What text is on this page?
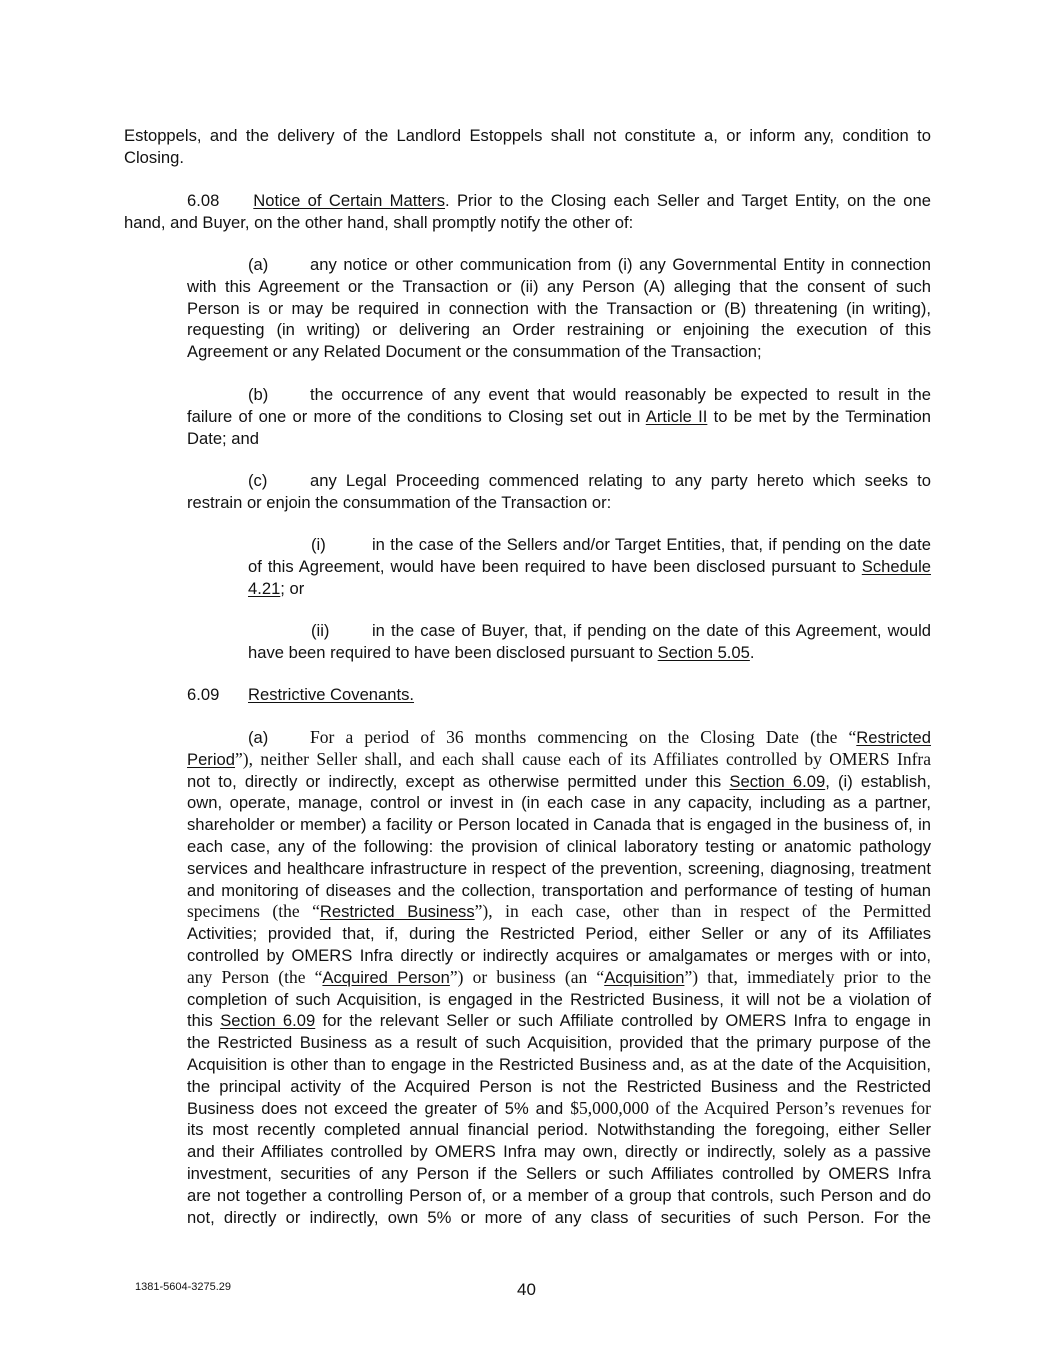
Estoppels, and the delivery of the Landlord Estoppels shall not constitute a, or inform any, condition to
Closing.
6.08 Notice of Certain Matters. Prior to the Closing each Seller and Target Entity, on the one
hand, and Buyer, on the other hand, shall promptly notify the other of:
(a)	any notice or other communication from (i) any Governmental Entity in connection
with this Agreement or the Transaction or (ii) any Person (A) alleging that the consent of such
Person is or may be required in connection with the Transaction or (B) threatening (in writing),
requesting (in writing) or delivering an Order restraining or enjoining the execution of this
Agreement or any Related Document or the consummation of the Transaction;
(b)	the occurrence of any event that would reasonably be expected to result in the
failure of one or more of the conditions to Closing set out in Article II to be met by the Termination
Date; and
(c)	any Legal Proceeding commenced relating to any party hereto which seeks to
restrain or enjoin the consummation of the Transaction or:
(i)	in the case of the Sellers and/or Target Entities, that, if pending on the date
of this Agreement, would have been required to have been disclosed pursuant to Schedule
4.21; or
(ii)	in the case of Buyer, that, if pending on the date of this Agreement, would
have been required to have been disclosed pursuant to Section 5.05.
6.09 Restrictive Covenants.
(a) For a period of 36 months commencing on the Closing Date (the “Restricted
Period”), neither Seller shall, and each shall cause each of its Affiliates controlled by OMERS Infra
not to, directly or indirectly, except as otherwise permitted under this Section 6.09, (i) establish,
own, operate, manage, control or invest in (in each case in any capacity, including as a partner,
shareholder or member) a facility or Person located in Canada that is engaged in the business of, in
each case, any of the following: the provision of clinical laboratory testing or anatomic pathology
services and healthcare infrastructure in respect of the prevention, screening, diagnosing, treatment
and monitoring of diseases and the collection, transportation and performance of testing of human
specimens (the “Restricted Business”), in each case, other than in respect of the Permitted
Activities; provided that, if, during the Restricted Period, either Seller or any of its Affiliates
controlled by OMERS Infra directly or indirectly acquires or amalgamates or merges with or into,
any Person (the “Acquired Person”) or business (an “Acquisition”) that, immediately prior to the
completion of such Acquisition, is engaged in the Restricted Business, it will not be a violation of
this Section 6.09 for the relevant Seller or such Affiliate controlled by OMERS Infra to engage in
the Restricted Business as a result of such Acquisition, provided that the primary purpose of the
Acquisition is other than to engage in the Restricted Business and, as at the date of the Acquisition,
the principal activity of the Acquired Person is not the Restricted Business and the Restricted
Business does not exceed the greater of 5% and $5,000,000 of the Acquired Person’s revenues for
its most recently completed annual financial period. Notwithstanding the foregoing, either Seller
and their Affiliates controlled by OMERS Infra may own, directly or indirectly, solely as a passive
investment, securities of any Person if the Sellers or such Affiliates controlled by OMERS Infra
are not together a controlling Person of, or a member of a group that controls, such Person and do
not, directly or indirectly, own 5% or more of any class of securities of such Person. For the
1381-5604-3275.29	40
